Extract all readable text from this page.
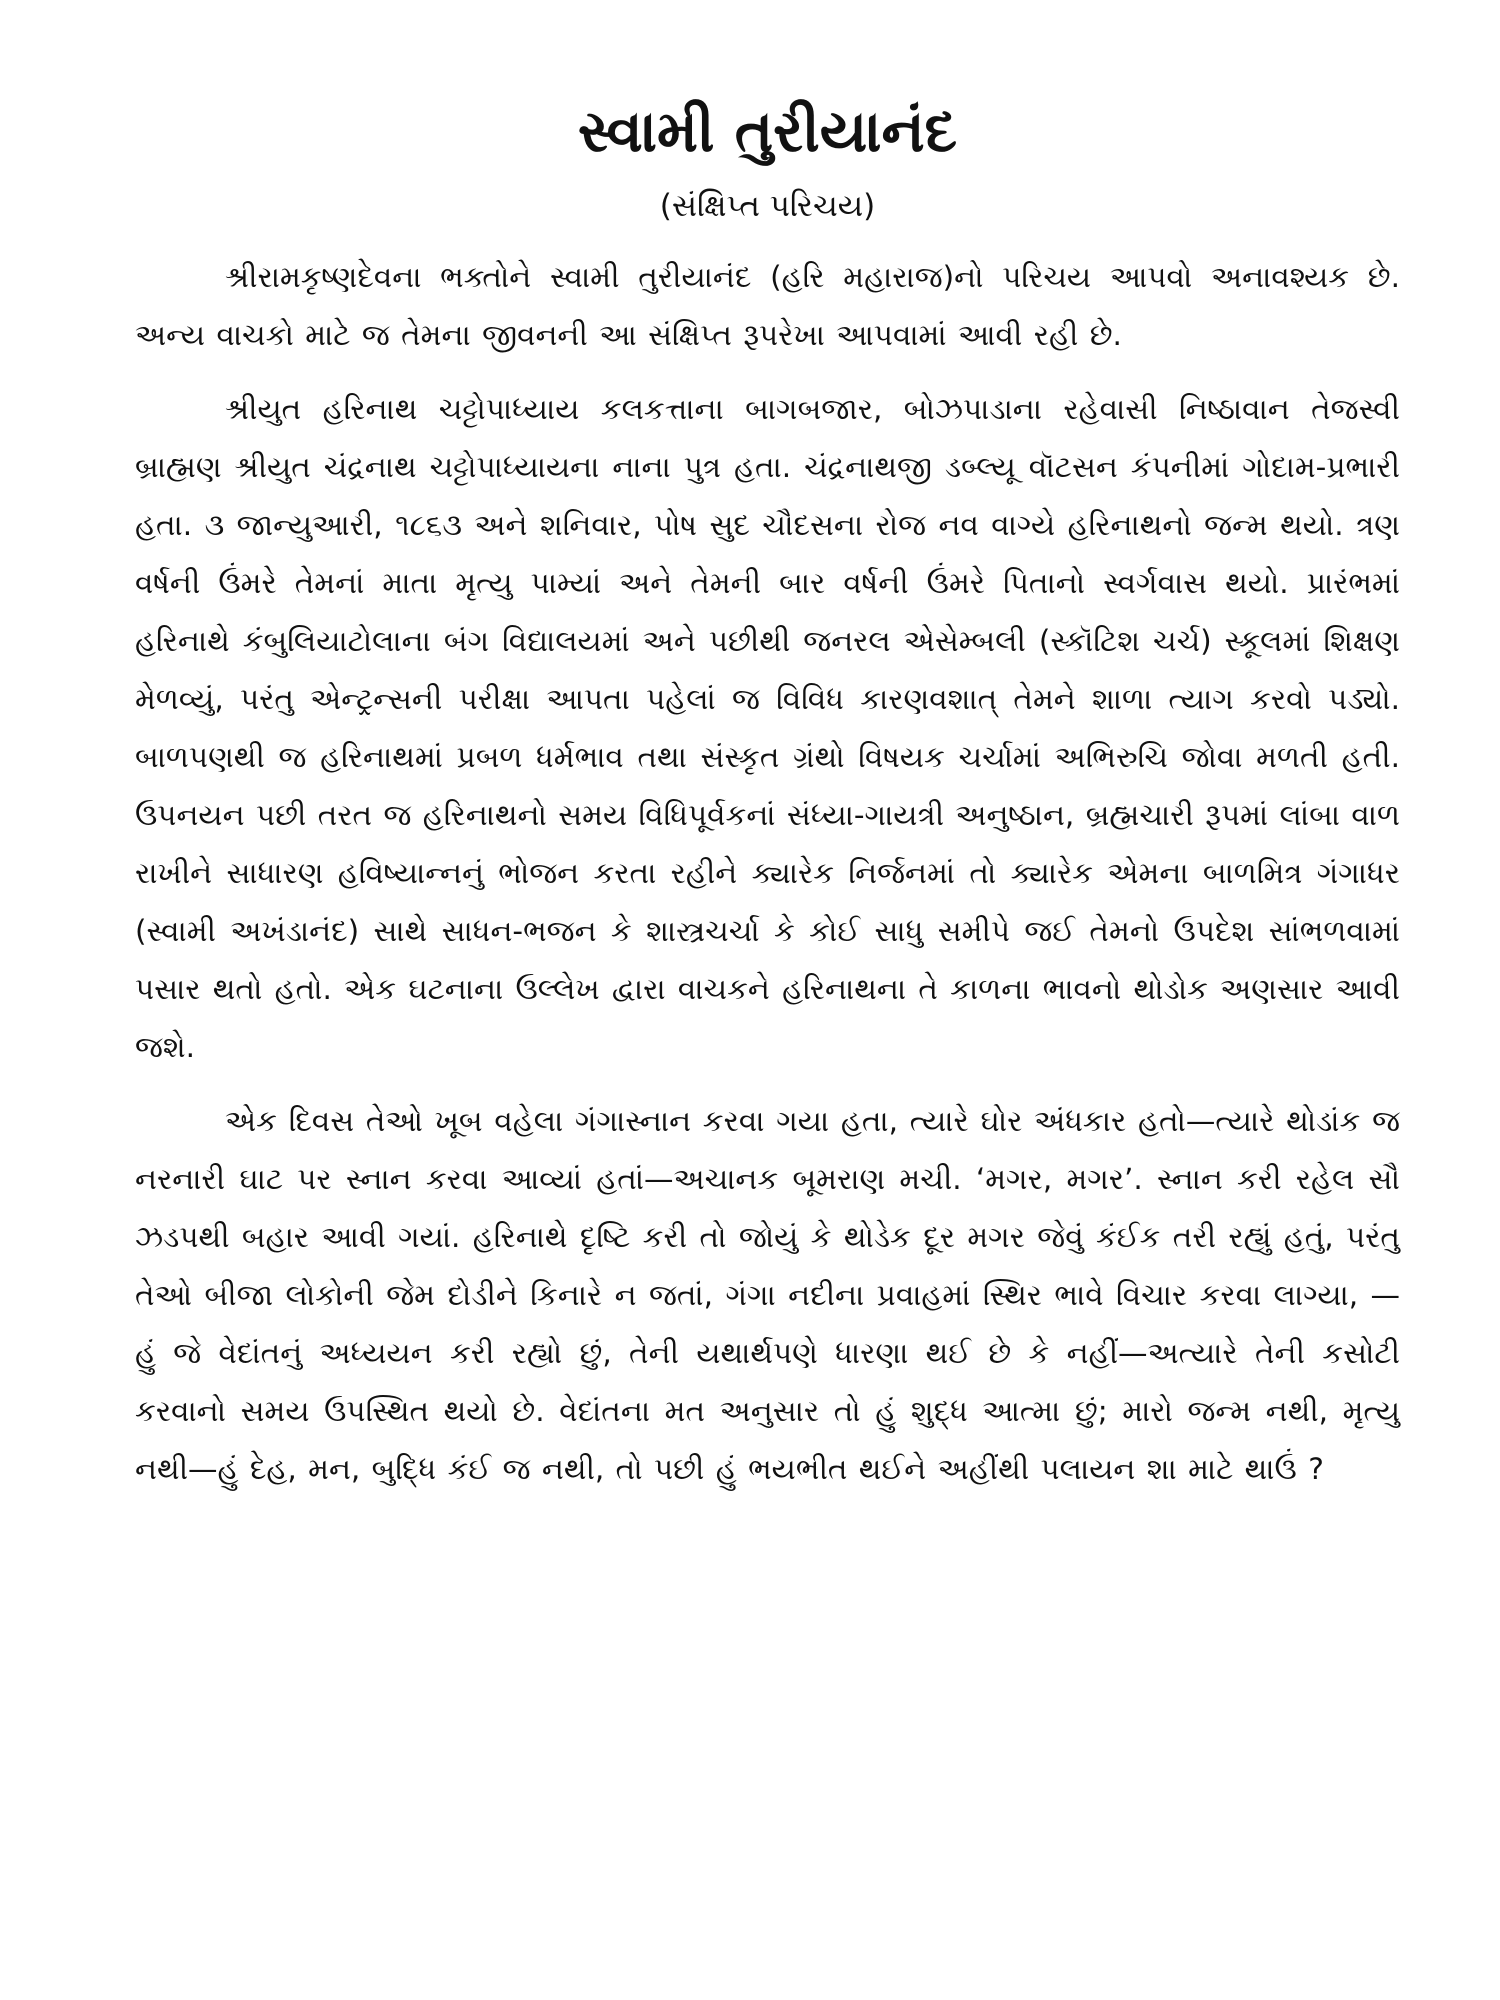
સ્વામી તુરીયાનંદ
(સંક્ષિપ્ત પરિચય)

શ્રીરામકૃષ્ણદેવના ભક્તોને સ્વામી તુરીયાનંદ (હરિ મહારાજ)નો પરિચય આપવો અનાવશ્યક છે. અન્ય વાચકો માટે જ તેમના જીવનની આ સંક્ષિપ્ત રૂપરેખા આપવામાં આવી રહી છે.

શ્રીયુત હરિનાથ ચટ્ટોપાધ્યાય કલકત્તાના બાગબજાર, બોઝપાડાના રહેવાસી નિષ્ઠાવાન તેજસ્વી બ્રાહ્મણ શ્રીયુત ચંદ્રનાથ ચટ્ટોપાધ્યાયના નાના પુત્ર હતા. ચંદ્રનાથજી ડબ્લ્યૂ વૉટસન કંપનીમાં ગોદામ-પ્રભારી હતા. ૩ જાન્યુઆરી, ૧૮૬૩ અને શનિવાર, પોષ સુદ ચૌદસના રોજ નવ વાગ્યે હરિનાથનો જન્મ થયો. ત્રણ વર્ષની ઉંમરે તેમનાં માતા મૃત્યુ પામ્યાં અને તેમની બાર વર્ષની ઉંમરે પિતાનો સ્વર્ગવાસ થયો. પ્રારંભમાં હરિનાથે કંબુલિયાટોલાના બંગ વિદ્યાલયમાં અને પછીથી જનરલ એસેમ્બલી (સ્કૉટિશ ચર્ચ) સ્કૂલમાં શિક્ષણ મેળવ્યું, પરંતુ એન્ટ્રન્સની પરીક્ષા આપતા પહેલાં જ વિવિધ કારણવશાત્ તેમને શાળા ત્યાગ કરવો પડ્યો. બાળપણથી જ હરિનાથમાં પ્રબળ ધર્મભાવ તથા સંસ્કૃત ગ્રંથો વિષયક ચર્ચામાં અભિરુચિ જોવા મળતી હતી. ઉપનયન પછી તરત જ હરિનાથનો સમય વિધિપૂર્વકનાં સંધ્યા-ગાયત્રી અનુષ્ઠાન, બ્રહ્મચારી રૂપમાં લાંબા વાળ રાખીને સાધારણ હવિષ્યાન્નનું ભોજન કરતા રહીને ક્યારેક નિર્જનમાં તો ક્યારેક એમના બાળમિત્ર ગંગાધર (સ્વામી અખંડાનંદ) સાથે સાધન-ભજન કે શાસ્ત્રચર્ચા કે કોઈ સાધુ સમીપે જઈ તેમનો ઉપદેશ સાંભળવામાં પસાર થતો હતો. એક ઘટનાના ઉલ્લેખ દ્વારા વાચકને હરિનાથના તે કાળના ભાવનો થોડોક અણસાર આવી જશે.

એક દિવસ તેઓ ખૂબ વહેલા ગંગાસ્નાન કરવા ગયા હતા, ત્યારે ઘોર અંધકાર હતો—ત્યારે થોડાંક જ નરનારી ઘાટ પર સ્નાન કરવા આવ્યાં હતાં—અચાનક બૂમરાણ મચી. ‘મગર, મગર’. સ્નાન કરી રહેલ સૌ ઝડપથી બહાર આવી ગયાં. હરિનાથે દૃષ્ટિ કરી તો જોયું કે થોડેક દૂર મગર જેવું કંઈક તરી રહ્યું હતું, પરંતુ તેઓ બીજા લોકોની જેમ દોડીને કિનારે ન જતાં, ગંગા નદીના પ્રવાહમાં સ્થિર ભાવે વિચાર કરવા લાગ્યા, —હું જે વેદાંતનું અધ્યયન કરી રહ્યો છું, તેની યથાર્થપણે ધારણા થઈ છે કે નહીં—અત્યારે તેની કસોટી કરવાનો સમય ઉપસ્થિત થયો છે. વેદાંતના મત અનુસાર તો હું શુદ્ધ આત્મા છું; મારો જન્મ નથી, મૃત્યુ નથી—હું દેહ, મન, બુદ્ધિ કંઈ જ નથી, તો પછી હું ભયભીત થઈને અહીંથી પલાયન શા માટે થાઉં ?
